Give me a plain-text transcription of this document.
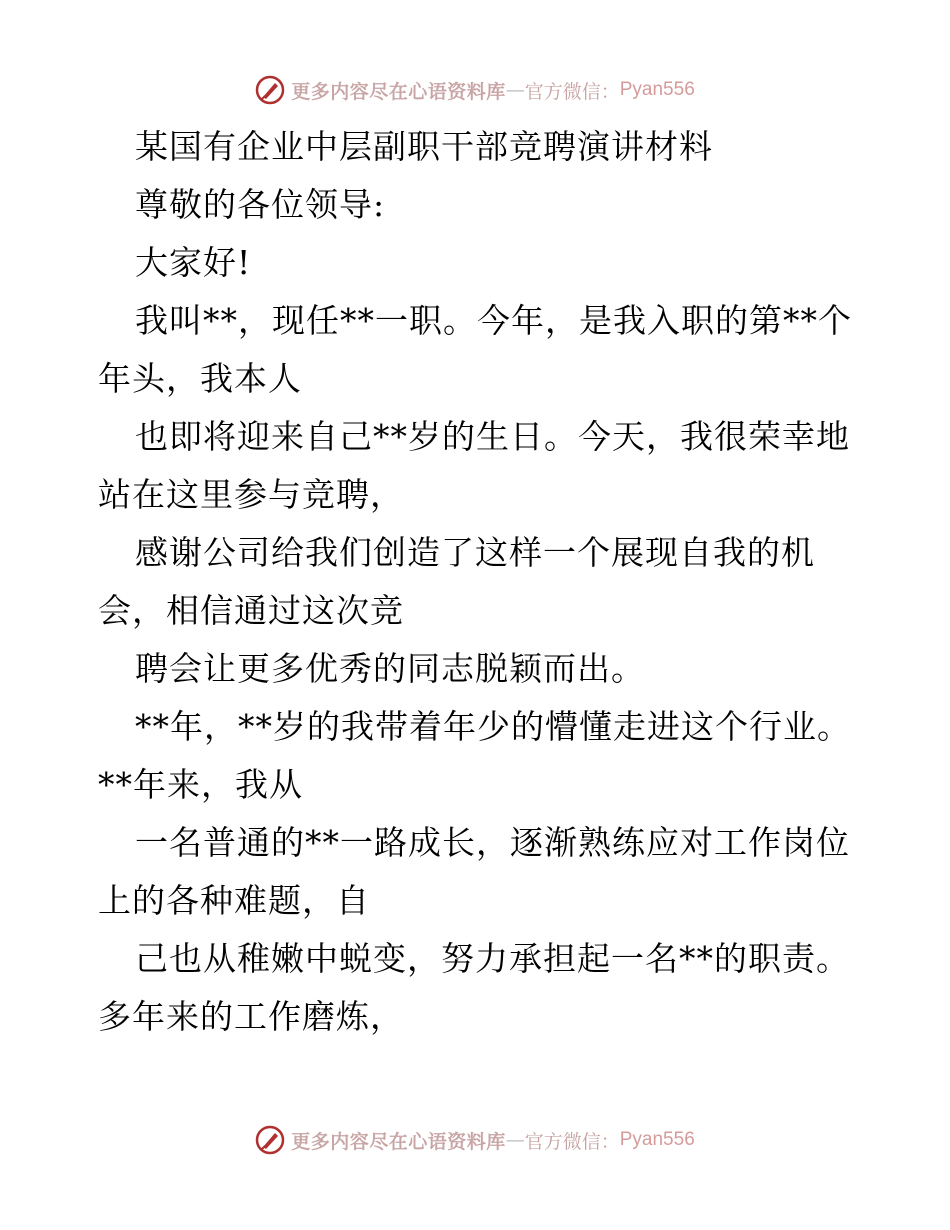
更多内容尽在心语资料库 — 官方微信： Pyan556
某国有企业中层副职干部竞聘演讲材料
尊敬的各位领导:
大家好!
我叫**，现任**一职。今年，是我入职的第**个
年头，我本人
也即将迎来自己**岁的生日。今天，我很荣幸地
站在这里参与竞聘，
感谢公司给我们创造了这样一个展现自我的机
会，相信通过这次竞
聘会让更多优秀的同志脱颖而出。
**年，**岁的我带着年少的懵懂走进这个行业。
**年来，我从
一名普通的**一路成长，逐渐熟练应对工作岗位
上的各种难题，自
己也从稚嫩中蜕变，努力承担起一名**的职责。
多年来的工作磨炼，
更多内容尽在心语资料库 — 官方微信： Pyan556
